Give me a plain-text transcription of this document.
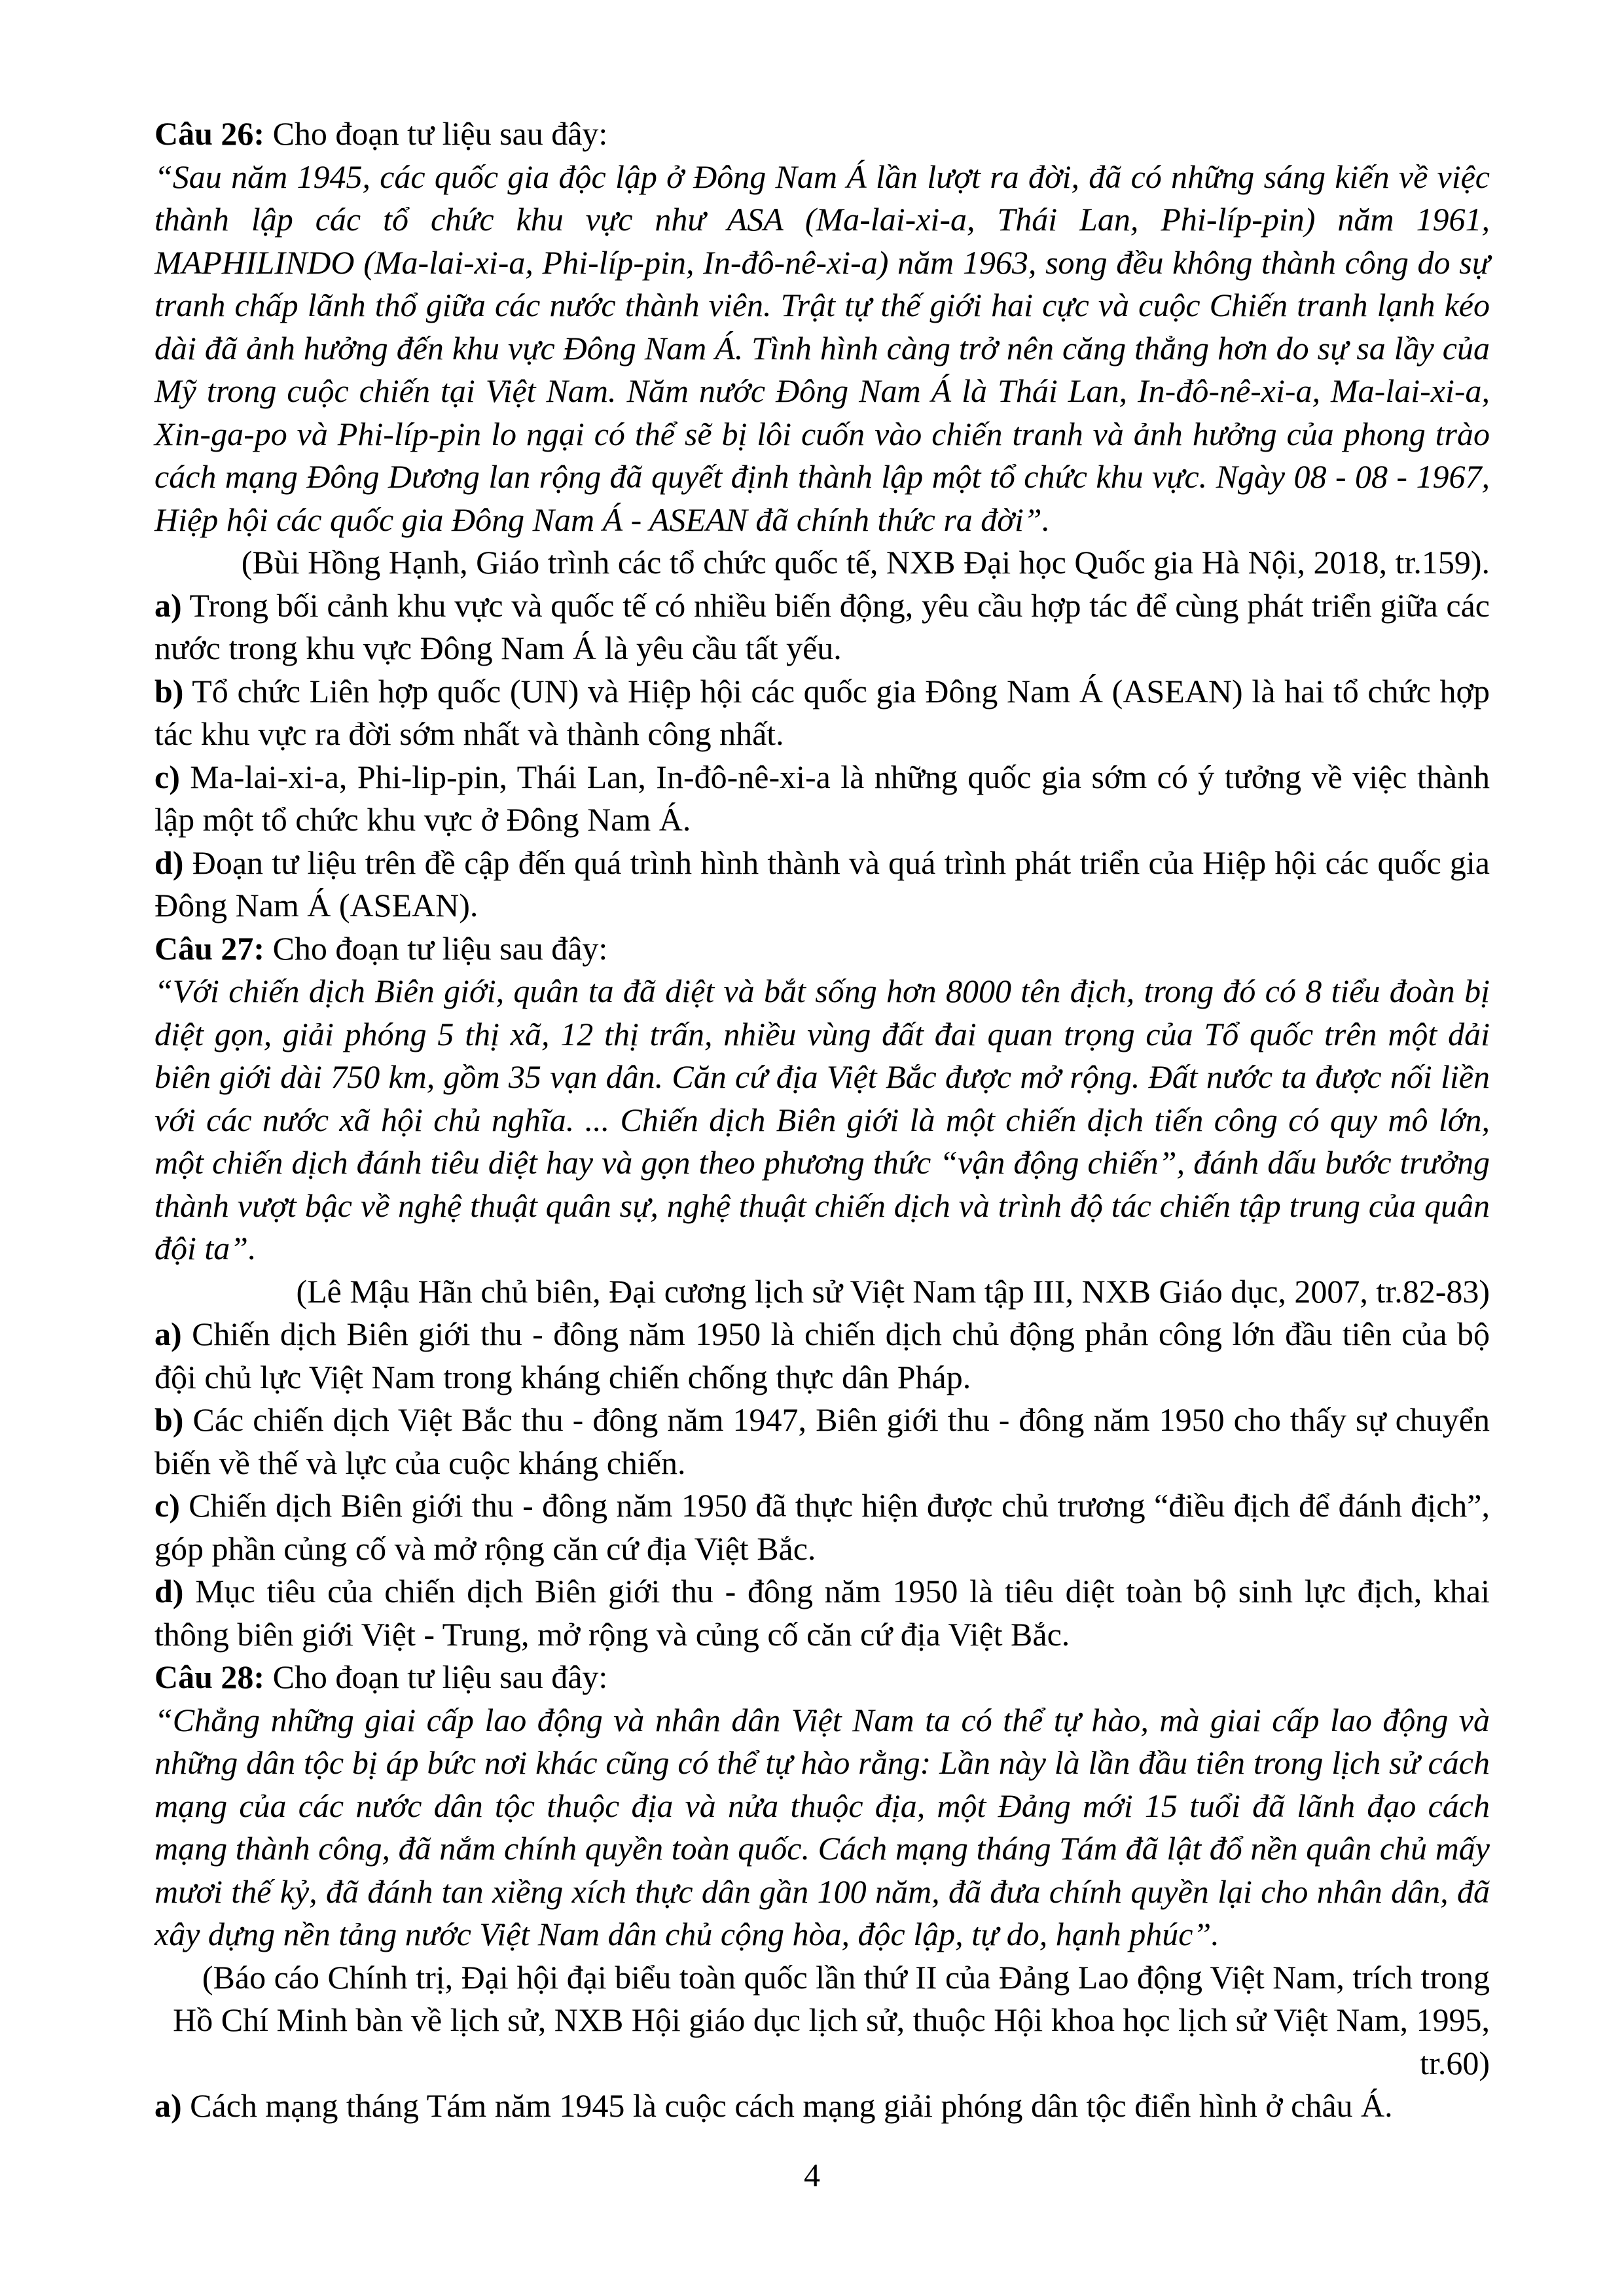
Câu 26: Cho đoạn tư liệu sau đây:

“Sau năm 1945, các quốc gia độc lập ở Đông Nam Á lần lượt ra đời, đã có những sáng kiến về việc thành lập các tổ chức khu vực như ASA (Ma-lai-xi-a, Thái Lan, Phi-líp-pin) năm 1961, MAPHILINDO (Ma-lai-xi-a, Phi-líp-pin, In-đô-nê-xi-a) năm 1963, song đều không thành công do sự tranh chấp lãnh thổ giữa các nước thành viên. Trật tự thế giới hai cực và cuộc Chiến tranh lạnh kéo dài đã ảnh hưởng đến khu vực Đông Nam Á. Tình hình càng trở nên căng thẳng hơn do sự sa lầy của Mỹ trong cuộc chiến tại Việt Nam. Năm nước Đông Nam Á là Thái Lan, In-đô-nê-xi-a, Ma-lai-xi-a, Xin-ga-po và Phi-líp-pin lo ngại có thể sẽ bị lôi cuốn vào chiến tranh và ảnh hưởng của phong trào cách mạng Đông Dương lan rộng đã quyết định thành lập một tổ chức khu vực. Ngày 08 - 08 - 1967, Hiệp hội các quốc gia Đông Nam Á - ASEAN đã chính thức ra đời”.

(Bùi Hồng Hạnh, Giáo trình các tổ chức quốc tế, NXB Đại học Quốc gia Hà Nội, 2018, tr.159).

a) Trong bối cảnh khu vực và quốc tế có nhiều biến động, yêu cầu hợp tác để cùng phát triển giữa các nước trong khu vực Đông Nam Á là yêu cầu tất yếu.

b) Tổ chức Liên hợp quốc (UN) và Hiệp hội các quốc gia Đông Nam Á (ASEAN) là hai tổ chức hợp tác khu vực ra đời sớm nhất và thành công nhất.

c) Ma-lai-xi-a, Phi-lip-pin, Thái Lan, In-đô-nê-xi-a là những quốc gia sớm có ý tưởng về việc thành lập một tổ chức khu vực ở Đông Nam Á.

d) Đoạn tư liệu trên đề cập đến quá trình hình thành và quá trình phát triển của Hiệp hội các quốc gia Đông Nam Á (ASEAN).

Câu 27: Cho đoạn tư liệu sau đây:

“Với chiến dịch Biên giới, quân ta đã diệt và bắt sống hơn 8000 tên địch, trong đó có 8 tiểu đoàn bị diệt gọn, giải phóng 5 thị xã, 12 thị trấn, nhiều vùng đất đai quan trọng của Tổ quốc trên một dải biên giới dài 750 km, gồm 35 vạn dân. Căn cứ địa Việt Bắc được mở rộng. Đất nước ta được nối liền với các nước xã hội chủ nghĩa. ... Chiến dịch Biên giới là một chiến dịch tiến công có quy mô lớn, một chiến dịch đánh tiêu diệt hay và gọn theo phương thức “vận động chiến”, đánh dấu bước trưởng thành vượt bậc về nghệ thuật quân sự, nghệ thuật chiến dịch và trình độ tác chiến tập trung của quân đội ta”.

(Lê Mậu Hãn chủ biên, Đại cương lịch sử Việt Nam tập III, NXB Giáo dục, 2007, tr.82-83)

a) Chiến dịch Biên giới thu - đông năm 1950 là chiến dịch chủ động phản công lớn đầu tiên của bộ đội chủ lực Việt Nam trong kháng chiến chống thực dân Pháp.

b) Các chiến dịch Việt Bắc thu - đông năm 1947, Biên giới thu - đông năm 1950 cho thấy sự chuyển biến về thế và lực của cuộc kháng chiến.

c) Chiến dịch Biên giới thu - đông năm 1950 đã thực hiện được chủ trương “điều địch để đánh địch”, góp phần củng cố và mở rộng căn cứ địa Việt Bắc.

d) Mục tiêu của chiến dịch Biên giới thu - đông năm 1950 là tiêu diệt toàn bộ sinh lực địch, khai thông biên giới Việt - Trung, mở rộng và củng cố căn cứ địa Việt Bắc.

Câu 28: Cho đoạn tư liệu sau đây:

“Chẳng những giai cấp lao động và nhân dân Việt Nam ta có thể tự hào, mà giai cấp lao động và những dân tộc bị áp bức nơi khác cũng có thể tự hào rằng: Lần này là lần đầu tiên trong lịch sử cách mạng của các nước dân tộc thuộc địa và nửa thuộc địa, một Đảng mới 15 tuổi đã lãnh đạo cách mạng thành công, đã nắm chính quyền toàn quốc. Cách mạng tháng Tám đã lật đổ nền quân chủ mấy mươi thế kỷ, đã đánh tan xiềng xích thực dân gần 100 năm, đã đưa chính quyền lại cho nhân dân, đã xây dựng nền tảng nước Việt Nam dân chủ cộng hòa, độc lập, tự do, hạnh phúc”.

(Báo cáo Chính trị, Đại hội đại biểu toàn quốc lần thứ II của Đảng Lao động Việt Nam, trích trong Hồ Chí Minh bàn về lịch sử, NXB Hội giáo dục lịch sử, thuộc Hội khoa học lịch sử Việt Nam, 1995, tr.60)

a) Cách mạng tháng Tám năm 1945 là cuộc cách mạng giải phóng dân tộc điển hình ở châu Á.

4
